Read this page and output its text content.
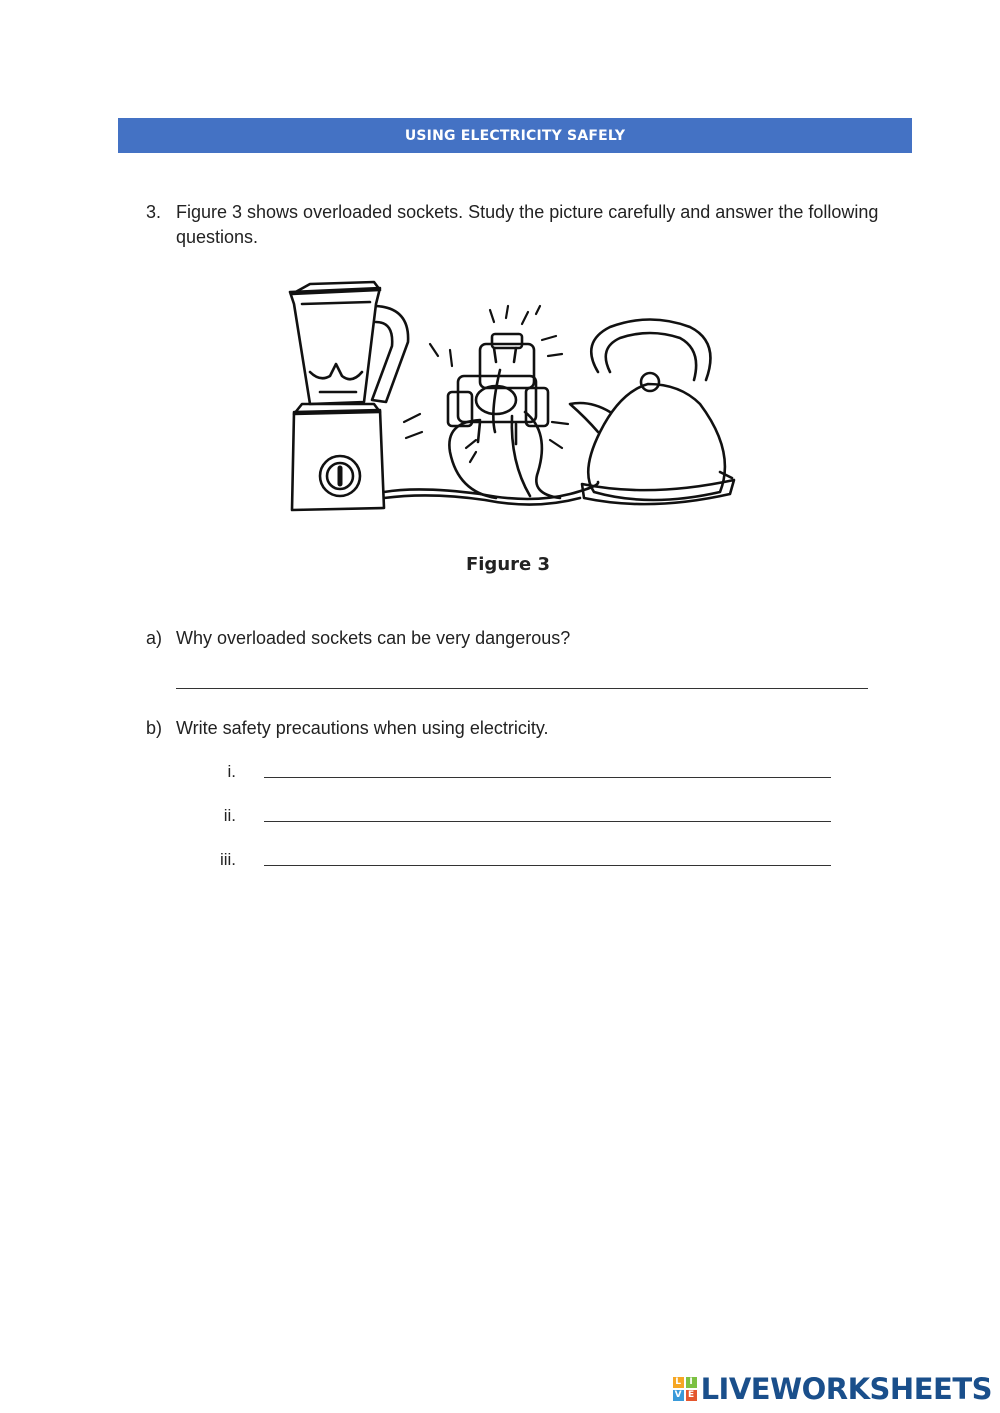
USING ELECTRICITY SAFELY
3. Figure 3 shows overloaded sockets. Study the picture carefully and answer the following questions.
Figure 3
a) Why overloaded sockets can be very dangerous?
b) Write safety precautions when using electricity.
i.
ii.
iii.
L I
V E LIVEWORKSHEETS
